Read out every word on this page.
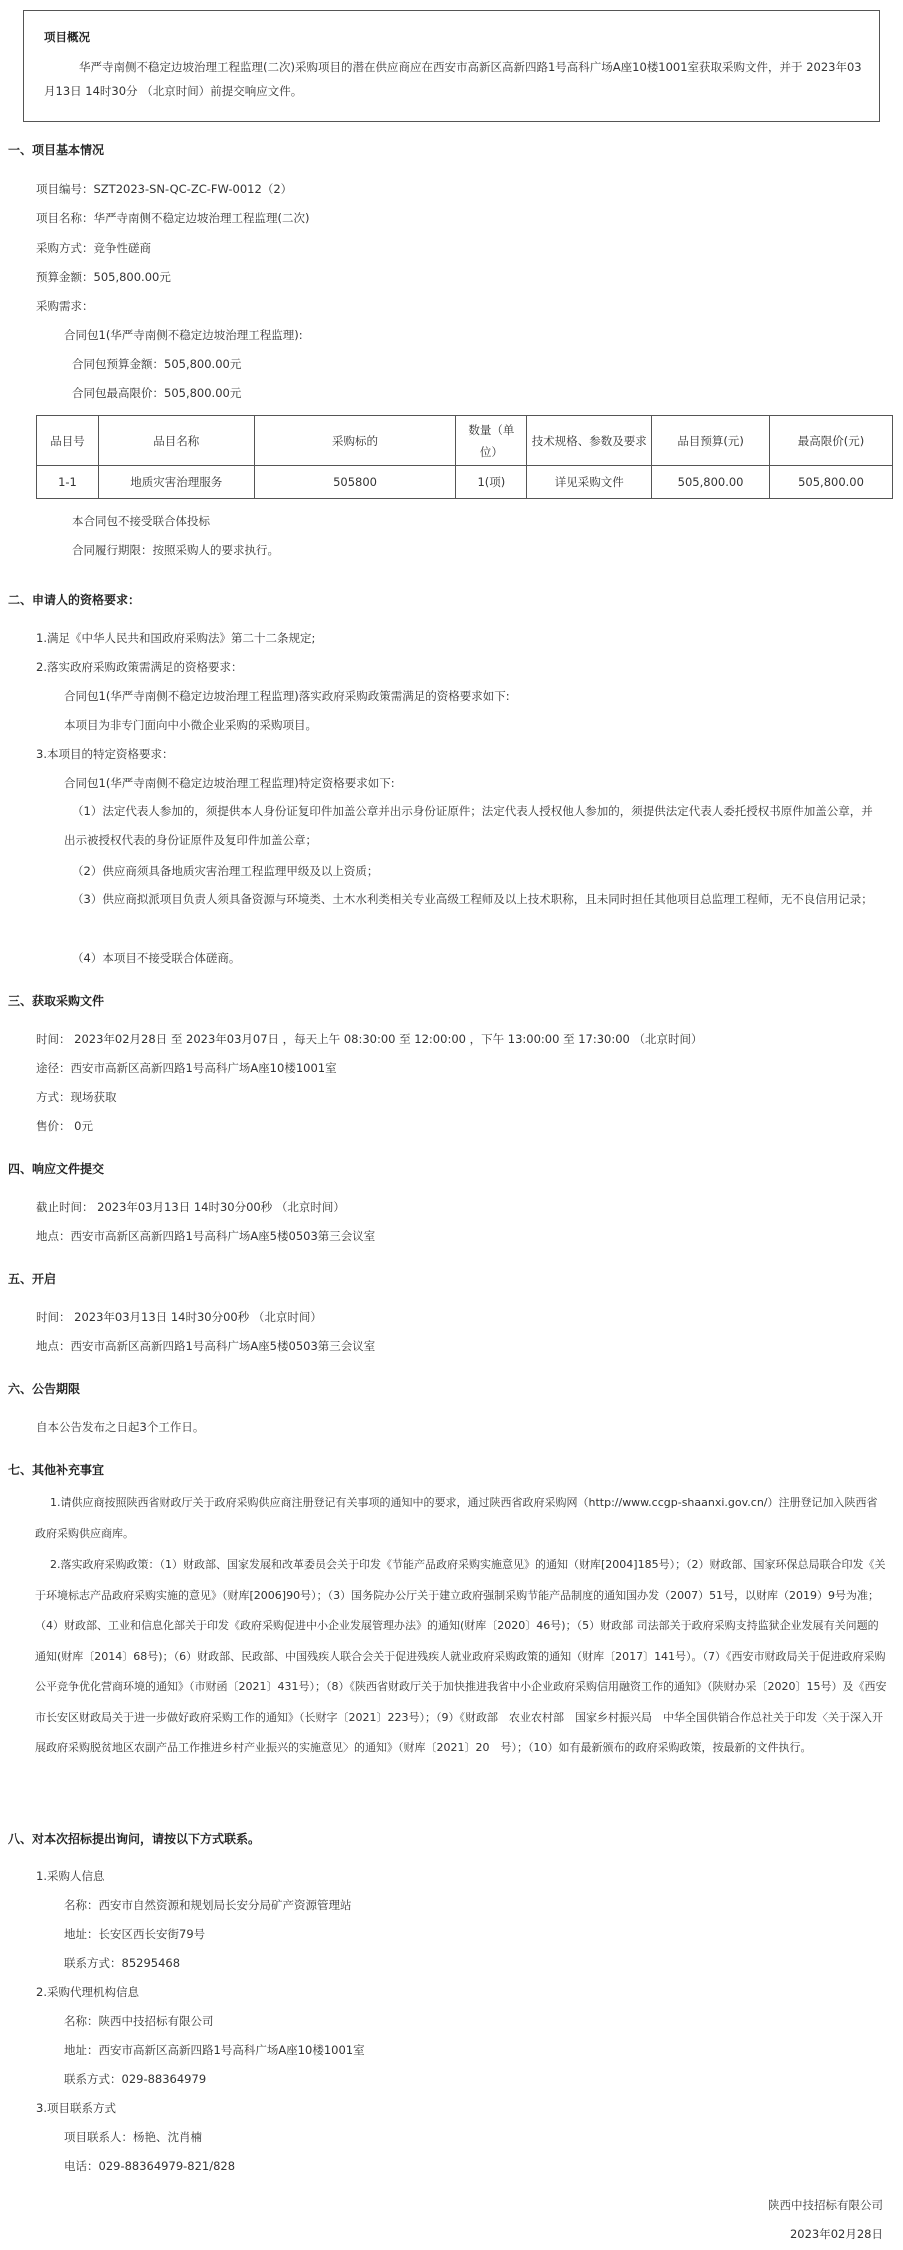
项目概况
华严寺南侧不稳定边坡治理工程监理(二次)采购项目的潜在供应商应在西安市高新区高新四路1号高科广场A座10楼1001室获取采购文件，并于 2023年03月13日 14时30分 （北京时间）前提交响应文件。
一、项目基本情况
项目编号：SZT2023-SN-QC-ZC-FW-0012（2）
项目名称：华严寺南侧不稳定边坡治理工程监理(二次)
采购方式：竞争性磋商
预算金额：505,800.00元
采购需求：
合同包1(华严寺南侧不稳定边坡治理工程监理):
合同包预算金额：505,800.00元
合同包最高限价：505,800.00元
品目号	品目名称	采购标的	数量（单位）	技术规格、参数及要求	品目预算(元)	最高限价(元)
1-1	地质灾害治理服务	505800	1(项)	详见采购文件	505,800.00	505,800.00
本合同包不接受联合体投标
合同履行期限：按照采购人的要求执行。
二、申请人的资格要求：
1.满足《中华人民共和国政府采购法》第二十二条规定;
2.落实政府采购政策需满足的资格要求：
合同包1(华严寺南侧不稳定边坡治理工程监理)落实政府采购政策需满足的资格要求如下:
本项目为非专门面向中小微企业采购的采购项目。
3.本项目的特定资格要求：
合同包1(华严寺南侧不稳定边坡治理工程监理)特定资格要求如下:
（1）法定代表人参加的，须提供本人身份证复印件加盖公章并出示身份证原件；法定代表人授权他人参加的，须提供法定代表人委托授权书原件加盖公章，并出示被授权代表的身份证原件及复印件加盖公章；
（2）供应商须具备地质灾害治理工程监理甲级及以上资质；
（3）供应商拟派项目负责人须具备资源与环境类、土木水利类相关专业高级工程师及以上技术职称，且未同时担任其他项目总监理工程师，无不良信用记录；
（4）本项目不接受联合体磋商。
三、获取采购文件
时间： 2023年02月28日 至 2023年03月07日 ，每天上午 08:30:00 至 12:00:00 ，下午 13:00:00 至 17:30:00 （北京时间）
途径：西安市高新区高新四路1号高科广场A座10楼1001室
方式：现场获取
售价： 0元
四、响应文件提交
截止时间： 2023年03月13日 14时30分00秒 （北京时间）
地点：西安市高新区高新四路1号高科广场A座5楼0503第三会议室
五、开启
时间： 2023年03月13日 14时30分00秒 （北京时间）
地点：西安市高新区高新四路1号高科广场A座5楼0503第三会议室
六、公告期限
自本公告发布之日起3个工作日。
七、其他补充事宜
1.请供应商按照陕西省财政厅关于政府采购供应商注册登记有关事项的通知中的要求，通过陕西省政府采购网（http://www.ccgp-shaanxi.gov.cn/）注册登记加入陕西省政府采购供应商库。
2.落实政府采购政策：（1）财政部、国家发展和改革委员会关于印发《节能产品政府采购实施意见》的通知（财库[2004]185号）；（2）财政部、国家环保总局联合印发《关于环境标志产品政府采购实施的意见》（财库[2006]90号）；（3）国务院办公厅关于建立政府强制采购节能产品制度的通知国办发（2007）51号，以财库（2019）9号为准；（4）财政部、工业和信息化部关于印发《政府采购促进中小企业发展管理办法》的通知(财库〔2020〕46号)；（5）财政部 司法部关于政府采购支持监狱企业发展有关问题的通知(财库〔2014〕68号)；（6）财政部、民政部、中国残疾人联合会关于促进残疾人就业政府采购政策的通知（财库〔2017〕141号）。（7）《西安市财政局关于促进政府采购公平竞争优化营商环境的通知》（市财函〔2021〕431号）；（8）《陕西省财政厅关于加快推进我省中小企业政府采购信用融资工作的通知》（陕财办采〔2020〕15号）及《西安市长安区财政局关于进一步做好政府采购工作的通知》（长财字〔2021〕223号）；（9）《财政部　农业农村部　国家乡村振兴局　中华全国供销合作总社关于印发〈关于深入开展政府采购脱贫地区农副产品工作推进乡村产业振兴的实施意见〉的通知》（财库〔2021〕20　号）；（10）如有最新颁布的政府采购政策，按最新的文件执行。
八、对本次招标提出询问，请按以下方式联系。
1.采购人信息
名称：西安市自然资源和规划局长安分局矿产资源管理站
地址：长安区西长安街79号
联系方式：85295468
2.采购代理机构信息
名称：陕西中技招标有限公司
地址：西安市高新区高新四路1号高科广场A座10楼1001室
联系方式：029-88364979
3.项目联系方式
项目联系人：杨艳、沈肖楠
电话：029-88364979-821/828
陕西中技招标有限公司
2023年02月28日
